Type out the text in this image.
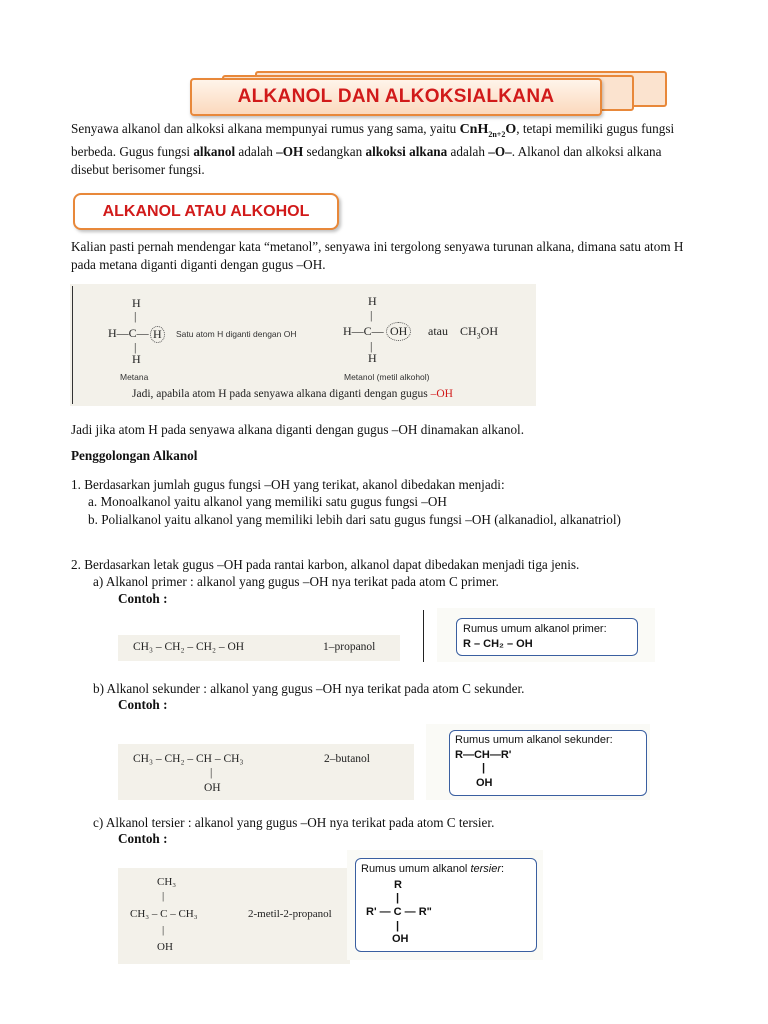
ALKANOL DAN ALKOKSIALKANA

Senyawa alkanol dan alkoksi alkana mempunyai rumus yang sama, yaitu CnH$_{2n+2}$O, tetapi memiliki gugus fungsi berbeda. Gugus fungsi alkanol adalah –OH sedangkan alkoksi alkana adalah –O–. Alkanol dan alkoksi alkana disebut berisomer fungsi.

ALKANOL ATAU ALKOHOL

Kalian pasti pernah mendengar kata “metanol”, senyawa ini tergolong senyawa turunan alkana, dimana satu atom H pada metana diganti diganti dengan gugus –OH.

H
|
H—C— H
|
H
Metana
Satu atom H diganti dengan OH
H
|
H—C— OH
|
H
atau $CH_3OH$
Metanol (metil alkohol)
Jadi, apabila atom H pada senyawa alkana diganti dengan gugus –OH

Jadi jika atom H pada senyawa alkana diganti dengan gugus –OH dinamakan alkanol.

Penggolongan Alkanol

1. Berdasarkan jumlah gugus fungsi –OH yang terikat, akanol dibedakan menjadi:
a. Monoalkanol yaitu alkanol yang memiliki satu gugus fungsi –OH

b. Polialkanol yaitu alkanol yang memiliki lebih dari satu gugus fungsi –OH (alkanadiol, alkanatriol)

2. Berdasarkan letak gugus –OH pada rantai karbon, alkanol dapat dibedakan menjadi tiga jenis.
a) Alkanol primer : alkanol yang gugus –OH nya terikat pada atom C primer.
Contoh :
CH₃ – CH₂ – CH₂ – OH	1–propanol
Rumus umum alkanol primer:
R – CH₂ – OH
b) Alkanol sekunder : alkanol yang gugus –OH nya terikat pada atom C sekunder.
Contoh :
CH₃ – CH₂ – CH – CH₃
|
OH
2–butanol
Rumus umum alkanol sekunder:
R—CH—R'
|
OH
c) Alkanol tersier : alkanol yang gugus –OH nya terikat pada atom C tersier.
Contoh :
CH₃
|
CH₃ – C – CH₃
|
OH
2-metil-2-propanol
Rumus umum alkanol tersier:
R
|
R' — C — R"
|
OH
